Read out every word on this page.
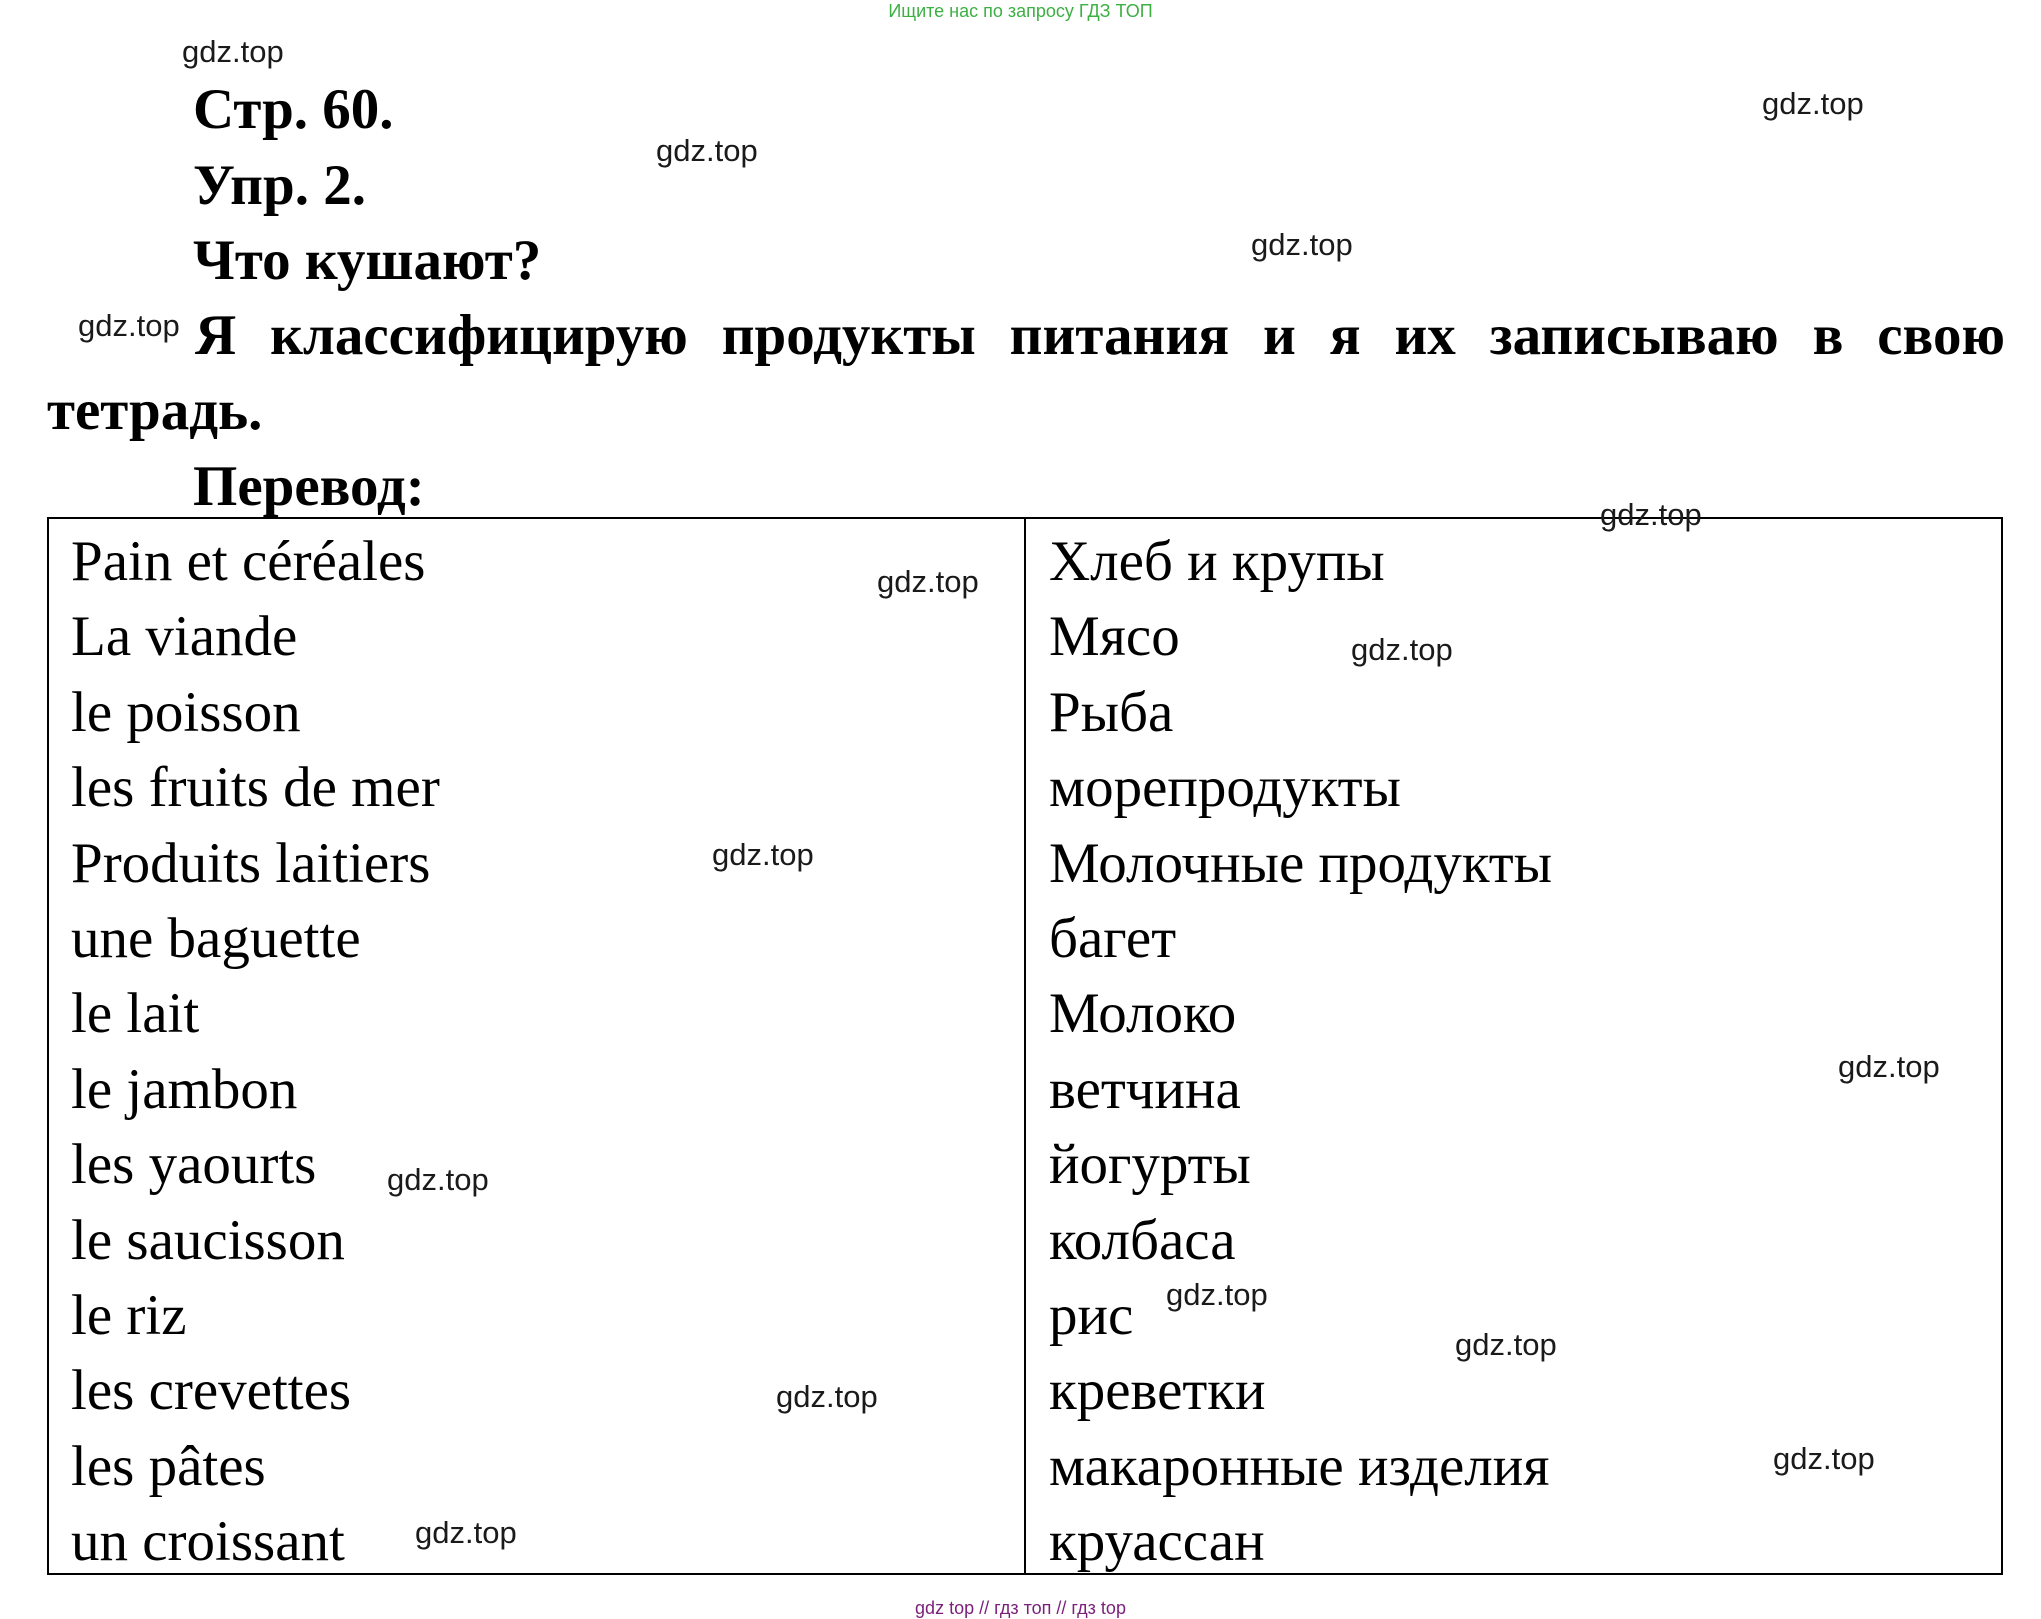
Ищите нас по запросу ГДЗ ТОП
Стр. 60.
Упр. 2.
Что кушают?
Я классифицирую продукты питания и я их записываю в свою
тетрадь.
Перевод:
Pain et céréales
La viande
le poisson
les fruits de mer
Produits laitiers
une baguette
le lait
le jambon
les yaourts
le saucisson
le riz
les crevettes
les pâtes
un croissant
Хлеб и крупы
Мясо
Рыба
морепродукты
Молочные продукты
багет
Молоко
ветчина
йогурты
колбаса
рис
креветки
макаронные изделия
круассан
gdz.top
gdz.top
gdz.top
gdz.top
gdz.top
gdz.top
gdz.top
gdz.top
gdz.top
gdz.top
gdz.top
gdz.top
gdz.top
gdz.top
gdz.top
gdz.top
gdz top // гдз топ // гдз top
